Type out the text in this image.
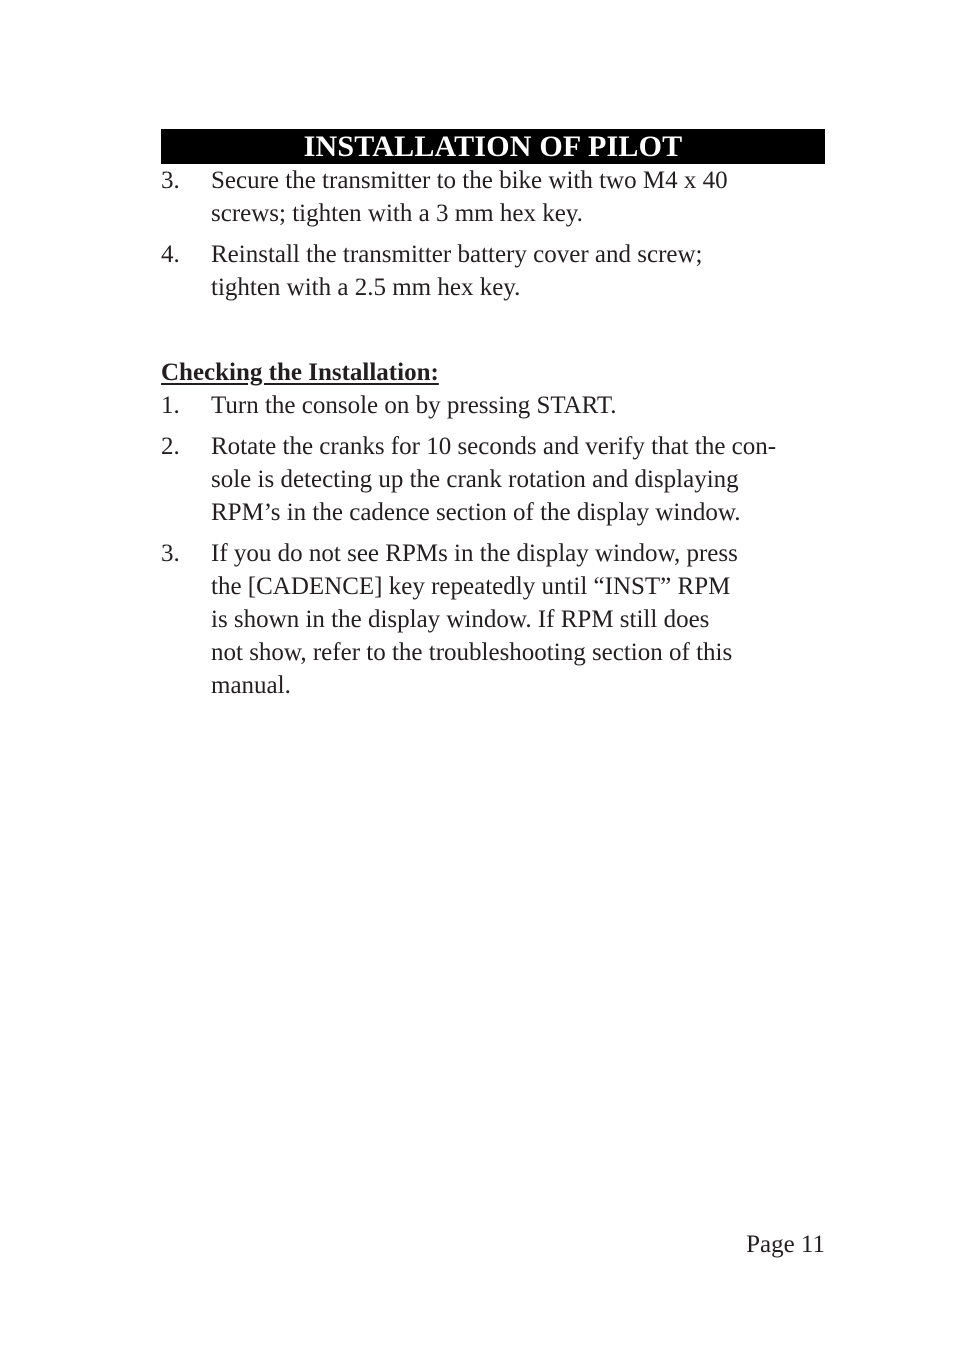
INSTALLATION OF PILOT
3. Secure the transmitter to the bike with two M4 x 40
screws; tighten with a 3 mm hex key.
4. Reinstall the transmitter battery cover and screw;
tighten with a 2.5 mm hex key.
Checking the Installation:
1. Turn the console on by pressing START.
2. Rotate the cranks for 10 seconds and verify that the con-
sole is detecting up the crank rotation and displaying
RPM’s in the cadence section of the display window.
3. If you do not see RPMs in the display window, press
the [CADENCE] key repeatedly until “INST” RPM
is shown in the display window. If RPM still does
not show, refer to the troubleshooting section of this
manual.
Page 11
